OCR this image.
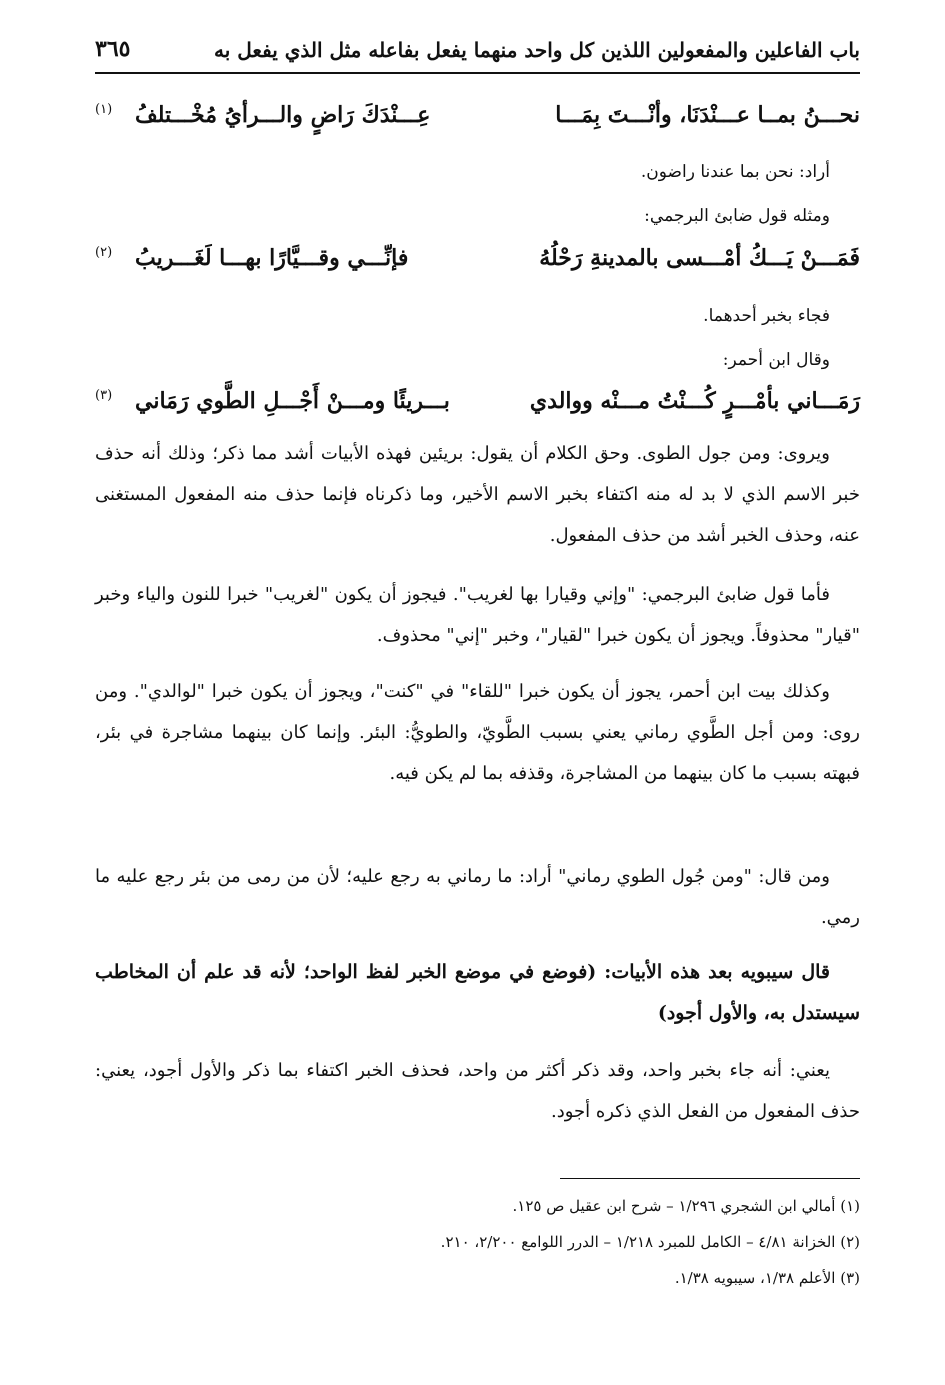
باب الفاعلين والمفعولين اللذين كل واحد منهما يفعل بفاعله مثل الذي يفعل به
٣٦٥
نحـــنُ بمــا عـــنْدَنَا، وأنْـــتَ بِمَـــا
عِـــنْدَكَ رَاضٍ والـــرأيُ مُخْـــتلفُ
(١)
أراد: نحن بما عندنا راضون.
ومثله قول ضابئ البرجمي:
فَمَـــنْ يَـــكُ أمْـــسى بالمدينةِ رَحْلُهُ
فإنِّـــي وقـــيَّارًا بهـــا لَغَـــريبُ
(٢)
فجاء بخبر أحدهما.
وقال ابن أحمر:
رَمَـــاني بأمْـــرٍ كُـــنْتُ مـــنْه ووالدي
بـــريئًا ومـــنْ أَجْـــلِ الطَّوي رَمَاني
(٣)
ويروى: ومن جول الطوى. وحق الكلام أن يقول: بريئين فهذه الأبيات أشد مما ذكر؛ وذلك أنه حذف خبر الاسم الذي لا بد له منه اكتفاء بخبر الاسم الأخير، وما ذكرناه فإنما حذف منه المفعول المستغنى عنه، وحذف الخبر أشد من حذف المفعول.
فأما قول ضابئ البرجمي: "وإني وقيارا بها لغريب". فيجوز أن يكون "لغريب" خبرا للنون والياء وخبر "قيار" محذوفاً. ويجوز أن يكون خبرا "لقيار"، وخبر "إني" محذوف.
وكذلك بيت ابن أحمر، يجوز أن يكون خبرا "للقاء" في "كنت"، ويجوز أن يكون خبرا "لوالدي". ومن روى: ومن أجل الطَّوي رماني يعني بسبب الطَّويّ، والطويُّ: البئر. وإنما كان بينهما مشاجرة في بئر، فبهته بسبب ما كان بينهما من المشاجرة، وقذفه بما لم يكن فيه.
ومن قال: "ومن جُول الطوي رماني" أراد: ما رماني به رجع عليه؛ لأن من رمى من بئر رجع عليه ما رمي.
قال سيبويه بعد هذه الأبيات: (فوضع في موضع الخبر لفظ الواحد؛ لأنه قد علم أن المخاطب سيستدل به، والأول أجود)
يعني: أنه جاء بخبر واحد، وقد ذكر أكثر من واحد، فحذف الخبر اكتفاء بما ذكر والأول أجود، يعني: حذف المفعول من الفعل الذي ذكره أجود.
(١) أمالي ابن الشجري ١/٢٩٦ – شرح ابن عقيل ص ١٢٥.
(٢) الخزانة ٤/٨١ – الكامل للمبرد ١/٢١٨ – الدرر اللوامع ٢/٢٠٠، ٢١٠.
(٣) الأعلم ١/٣٨، سيبويه ١/٣٨.
